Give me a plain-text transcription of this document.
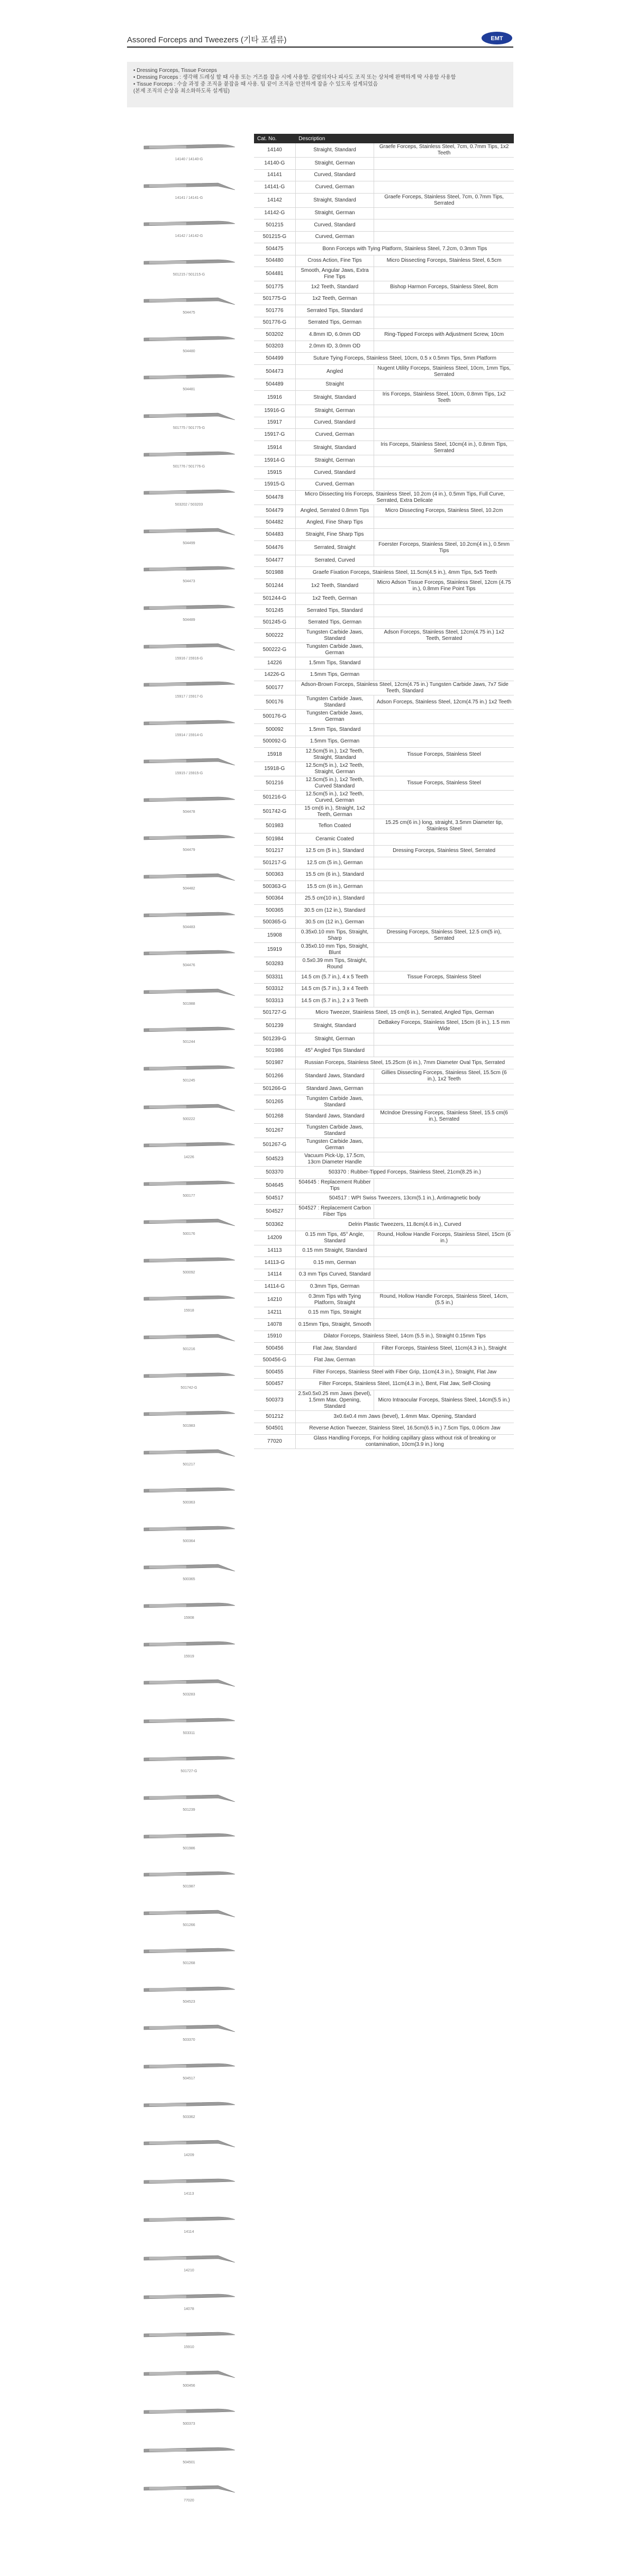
Assored Forceps and Tweezers (기타 포셉류)	EMT
• Dressing Forceps, Tissue Forceps
• Dressing Forceps : 생각해 드레싱 할 때 사용 또는 거즈를 잡을 시에 사용함. 갈랍의자나 피사도 조직 또는 상처에 완벽하게 딱 사용함 사용함
• Tissue Forceps : 수술 과정 중 조직을 붙잡을 때 사용. 팁 끝이 조직을 안전하게 잡을 수 있도록 설계되었음
(본제 조직의 손상을 최소화하도록 설계됨)
14140 / 14140-G
14141 / 14141-G
14142 / 14142-G
501215 / 501215-G
504475
504480
504481
501775 / 501775-G
501776 / 501776-G
503202 / 503203
504499
504473
504489
15916 / 15916-G
15917 / 15917-G
15914 / 15914-G
15915 / 15915-G
504478
504479
504482
504483
504476
501988
501244
501245
500222
14226
500177
500176
500092
15918
501216
501742-G
501983
501217
500363
500364
500365
15908
15919
503283
503311
501727-G
501239
501986
501987
501266
501268
504523
503370
504517
503362
14209
14113
14114
14210
14078
15910
500456
500373
504501
77020
Cat. No.	Description	
14140	Straight, Standard	Graefe Forceps, Stainless Steel, 7cm, 0.7mm Tips, 1x2 Teeth
14140-G	Straight, German	
14141	Curved, Standard	
14141-G	Curved, German	
14142	Straight, Standard	Graefe Forceps, Stainless Steel, 7cm, 0.7mm Tips, Serrated
14142-G	Straight, German	
501215	Curved, Standard	
501215-G	Curved, German	
504475	Bonn Forceps with Tying Platform, Stainless Steel, 7.2cm, 0.3mm Tips	
504480	Cross Action, Fine Tips	Micro Dissecting Forceps, Stainless Steel, 6.5cm
504481	Smooth, Angular Jaws, Extra Fine Tips	
501775	1x2 Teeth, Standard	Bishop Harmon Forceps, Stainless Steel, 8cm
501775-G	1x2 Teeth, German	
501776	Serrated Tips, Standard	
501776-G	Serrated Tips, German	
503202	4.8mm ID, 6.0mm OD	Ring-Tipped Forceps with Adjustment Screw, 10cm
503203	2.0mm ID, 3.0mm OD	
504499	Suture Tying Forceps, Stainless Steel, 10cm, 0.5 x 0.5mm Tips, 5mm Platform	
504473	Angled	Nugent Utility Forceps, Stainless Steel, 10cm, 1mm Tips, Serrated
504489	Straight	
15916	Straight, Standard	Iris Forceps, Stainless Steel, 10cm, 0.8mm Tips, 1x2 Teeth
15916-G	Straight, German	
15917	Curved, Standard	
15917-G	Curved, German	
15914	Straight, Standard	Iris Forceps, Stainless Steel, 10cm(4 in.), 0.8mm Tips, Serrated
15914-G	Straight, German	
15915	Curved, Standard	
15915-G	Curved, German	
504478	Micro Dissecting Iris Forceps, Stainless Steel, 10.2cm (4 in.), 0.5mm Tips, Full Curve, Serrated, Extra Delicate	
504479	Angled, Serrated 0.8mm Tips	Micro Dissecting Forceps, Stainless Steel, 10.2cm
504482	Angled, Fine Sharp Tips	
504483	Straight, Fine Sharp Tips	
504476	Serrated, Straight	Foerster Forceps, Stainless Steel, 10.2cm(4 in.), 0.5mm Tips
504477	Serrated, Curved	
501988	Graefe Fixation Forceps, Stainless Steel, 11.5cm(4.5 in.), 4mm Tips, 5x5 Teeth	
501244	1x2 Teeth, Standard	Micro Adson Tissue Forceps, Stainless Steel, 12cm (4.75 in.), 0.8mm Fine Point Tips
501244-G	1x2 Teeth, German	
501245	Serrated Tips, Standard	
501245-G	Serrated Tips, German	
500222	Tungsten Carbide Jaws, Standard	Adson Forceps, Stainless Steel, 12cm(4.75 in.) 1x2 Teeth, Serrated
500222-G	Tungsten Carbide Jaws, German	
14226	1.5mm Tips, Standard	
14226-G	1.5mm Tips, German	
500177	Adson-Brown Forceps, Stainless Steel, 12cm(4.75 in.) Tungsten Carbide Jaws, 7x7 Side Teeth, Standard	
500176	Tungsten Carbide Jaws, Standard	Adson Forceps, Stainless Steel, 12cm(4.75 in.) 1x2 Teeth
500176-G	Tungsten Carbide Jaws, German	
500092	1.5mm Tips, Standard	
500092-G	1.5mm Tips, German	
15918	12.5cm(5 in.), 1x2 Teeth, Straight, Standard	Tissue Forceps, Stainless Steel
15918-G	12.5cm(5 in.), 1x2 Teeth, Straight, German	
501216	12.5cm(5 in.), 1x2 Teeth, Curved Standard	Tissue Forceps, Stainless Steel
501216-G	12.5cm(5 in.), 1x2 Teeth, Curved, German	
501742-G	15 cm(6 in.), Straight, 1x2 Teeth, German	
501983	Teflon Coated	15.25 cm(6 in.) long, straight, 3.5mm Diameter tip, Stainless Steel
501984	Ceramic Coated	
501217	12.5 cm (5 in.), Standard	Dressing Forceps, Stainless Steel, Serrated
501217-G	12.5 cm (5 in.), German	
500363	15.5 cm (6 in.), Standard	
500363-G	15.5 cm (6 in.), German	
500364	25.5 cm(10 in.), Standard	
500365	30.5 cm (12 in.), Standard	
500365-G	30.5 cm (12 in.), German	
15908	0.35x0.10 mm Tips, Straight, Sharp	Dressing Forceps, Stainless Steel, 12.5 cm(5 in), Serrated
15919	0.35x0.10 mm Tips, Straight, Blunt	
503283	0.5x0.39 mm Tips, Straight, Round	
503311	14.5 cm (5.7 in.), 4 x 5 Teeth	Tissue Forceps, Stainless Steel
503312	14.5 cm (5.7 in.), 3 x 4 Teeth	
503313	14.5 cm (5.7 in.), 2 x 3 Teeth	
501727-G	Micro Tweezer, Stainless Steel, 15 cm(6 in.), Serrated, Angled Tips, German	
501239	Straight, Standard	DeBakey Forceps, Stainless Steel, 15cm (6 in.), 1.5 mm Wide
501239-G	Straight, German	
501986	45° Angled Tips Standard	
501987	Russian Forceps, Stainless Steel, 15.25cm (6 in.), 7mm Diameter Oval Tips, Serrated	
501266	Standard Jaws, Standard	Gillies Dissecting Forceps, Stainless Steel, 15.5cm (6 in.), 1x2 Teeth
501266-G	Standard Jaws, German	
501265	Tungsten Carbide Jaws, Standard	
501268	Standard Jaws, Standard	McIndoe Dressing Forceps, Stainless Steel, 15.5 cm(6 in.), Serrated
501267	Tungsten Carbide Jaws, Standard	
501267-G	Tungsten Carbide Jaws, German	
504523	Vacuum Pick-Up, 17.5cm, 13cm Diameter Handle	
503370	503370 : Rubber-Tipped Forceps, Stainless Steel, 21cm(8.25 in.)	
504645	504645 : Replacement Rubber Tips	
504517	504517 : WPI Swiss Tweezers, 13cm(5.1 in.), Antimagnetic body	
504527	504527 : Replacement Carbon Fiber Tips	
503362	Delrin Plastic Tweezers, 11.8cm(4.6 in.), Curved	
14209	0.15 mm Tips, 45° Angle, Standard	Round, Hollow Handle Forceps, Stainless Steel, 15cm (6 in.)
14113	0.15 mm Straight, Standard	
14113-G	0.15 mm, German	
14114	0.3 mm Tips Curved, Standard	
14114-G	0.3mm Tips, German	
14210	0.3mm Tips with Tying Platform, Straight	Round, Hollow Handle Forceps, Stainless Steel, 14cm, (5.5 in.)
14211	0.15 mm Tips, Straight	
14078	0.15mm Tips, Straight, Smooth	
15910	Dilator Forceps, Stainless Steel, 14cm (5.5 in.), Straight 0.15mm Tips	
500456	Flat Jaw, Standard	Filter Forceps, Stainless Steel, 11cm(4.3 in.), Straight
500456-G	Flat Jaw, German	
500455	Filter Forceps, Stainless Steel with Fiber Grip, 11cm(4.3 in.), Straight, Flat Jaw	
500457	Filter Forceps, Stainless Steel, 11cm(4.3 in.), Bent, Flat Jaw, Self-Closing	
500373	2.5x0.5x0.25 mm Jaws (bevel), 1.5mm Max. Opening, Standard	Micro Intraocular Forceps, Stainless Steel, 14cm(5.5 in.)
501212	3x0.6x0.4 mm Jaws (bevel), 1.4mm Max. Opening, Standard	
504501	Reverse Action Tweezer, Stainless Steel, 16.5cm(6.5 in.) 7.5cm Tips, 0.06cm Jaw	
77020	Glass Handling Forceps, For holding capillary glass without risk of breaking or contamination, 10cm(3.9 in.) long	
